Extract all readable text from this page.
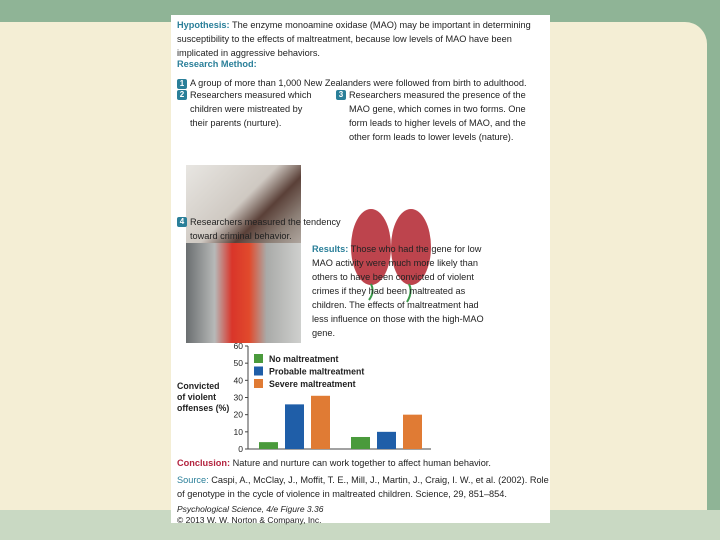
Hypothesis: The enzyme monoamine oxidase (MAO) may be important in determining susceptibility to the effects of maltreatment, because low levels of MAO have been implicated in aggressive behaviors.
Research Method:
1 A group of more than 1,000 New Zealanders were followed from birth to adulthood.
2 Researchers measured which children were mistreated by their parents (nurture).
3 Researchers measured the presence of the MAO gene, which comes in two forms. One form leads to higher levels of MAO, and the other form leads to lower levels (nature).
4 Researchers measured the tendency toward criminal behavior.
Results: Those who had the gene for low MAO activity were much more likely than others to have been convicted of violent crimes if they had been maltreated as children. The effects of maltreatment had less influence on those with the high-MAO gene.
0
10
20
30
40
50
60
Convicted
of violent
offenses (%)
No maltreatment
Probable maltreatment
Severe maltreatment
Conclusion: Nature and nurture can work together to affect human behavior.
Source: Caspi, A., McClay, J., Moffit, T. E., Mill, J., Martin, J., Craig, I. W., et al. (2002). Role of genotype in the cycle of violence in maltreated children. Science, 29, 851–854.
Psychological Science, 4/e Figure 3.36
© 2013 W. W. Norton & Company, Inc.
